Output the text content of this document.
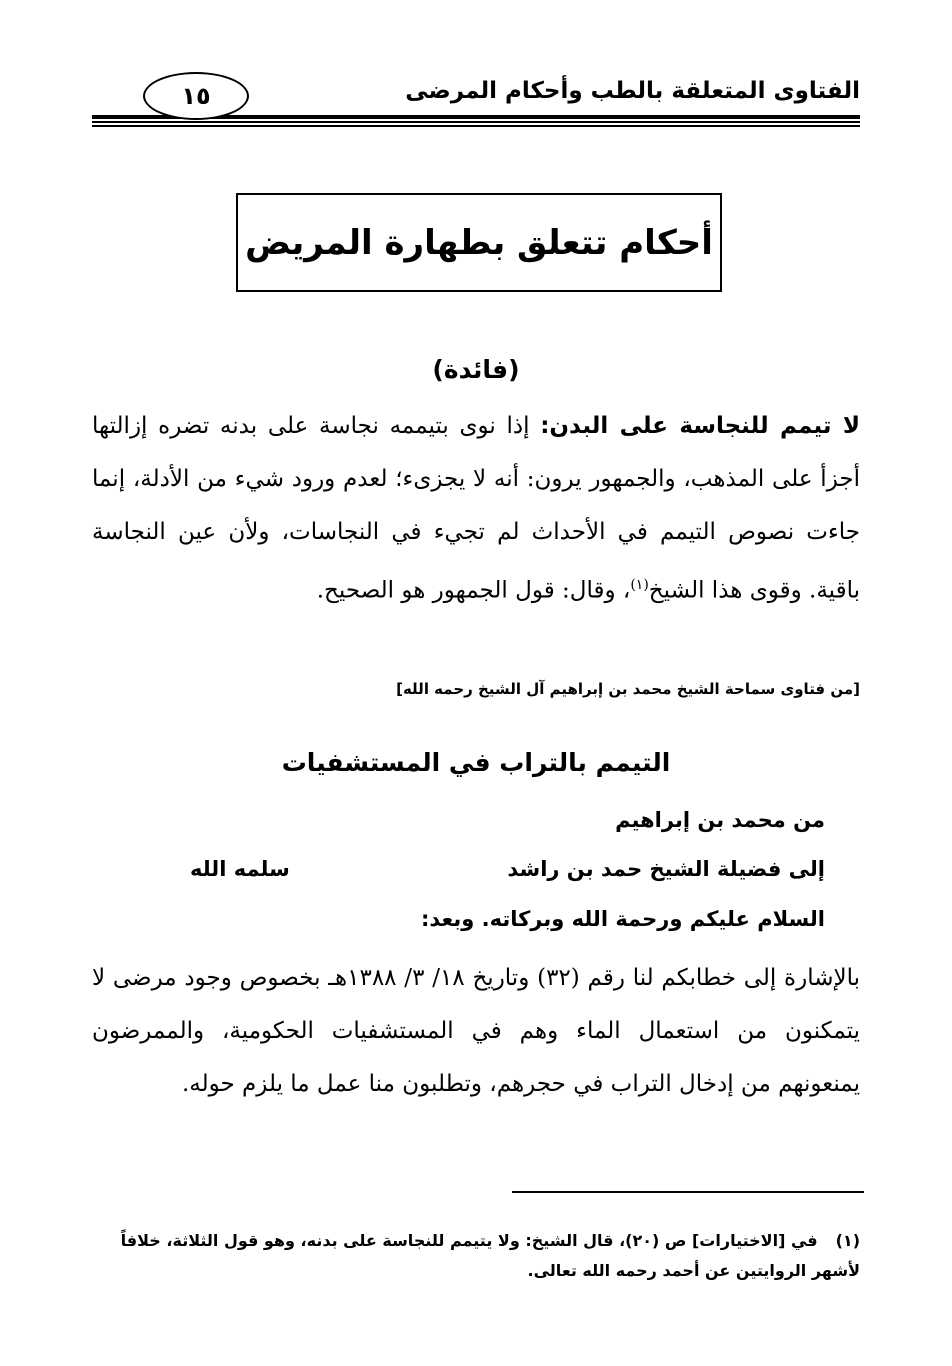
الفتاوى المتعلقة بالطب وأحكام المرضى
١٥
أحكام تتعلق بطهارة المريض
(فائدة)
لا تيمم للنجاسة على البدن: إذا نوى بتيممه نجاسة على بدنه تضره إزالتها أجزأ على المذهب، والجمهور يرون: أنه لا يجزىء؛ لعدم ورود شيء من الأدلة، إنما جاءت نصوص التيمم في الأحداث لم تجيء في النجاسات، ولأن عين النجاسة باقية. وقوى هذا الشيخ$^{(١)}$، وقال: قول الجمهور هو الصحيح.
[من فتاوى سماحة الشيخ محمد بن إبراهيم آل الشيخ رحمه الله]
التيمم بالتراب في المستشفيات
من محمد بن إبراهيم
إلى فضيلة الشيخ حمد بن راشد
سلمه الله
السلام عليكم ورحمة الله وبركاته. وبعد:
بالإشارة إلى خطابكم لنا رقم (٣٢) وتاريخ ١٨/ ٣/ ١٣٨٨هـ بخصوص وجود مرضى لا يتمكنون من استعمال الماء وهم في المستشفيات الحكومية، والممرضون يمنعونهم من إدخال التراب في حجرهم، وتطلبون منا عمل ما يلزم حوله.
(١)في [الاختيارات] ص (٢٠)، قال الشيخ: ولا يتيمم للنجاسة على بدنه، وهو قول الثلاثة، خلافاً لأشهر الروايتين عن أحمد رحمه الله تعالى.
